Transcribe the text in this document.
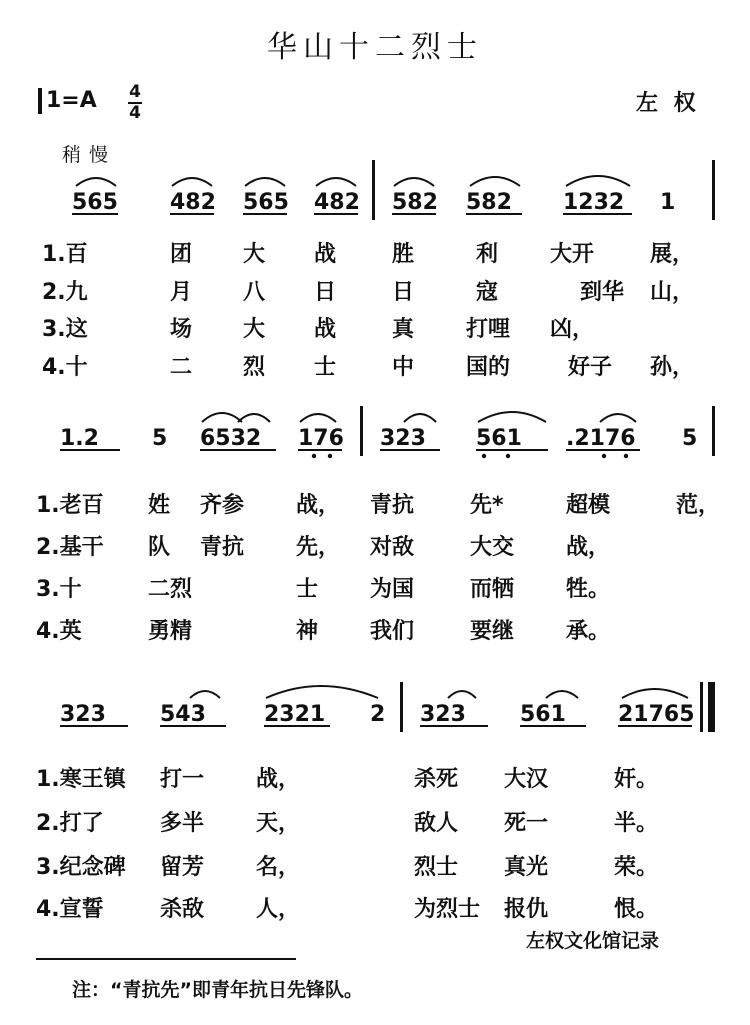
华山十二烈士
1=A 4
4	左 权
稍慢
565 482 565 482 582 582 1232 1
1.百	团 大 战	胜	利 大开	展，
2.九	月 八 日	日	寇	到华 山，
3.这	场 大 战	真 打哩 凶，
4.十	二 烈 士	中 国的	好子 孙，
1.2 5 6532 176 323 561 .2176 5
1.老百 姓 齐参 战， 青抗	先*	超模	范，
2.基干 队 青抗 先， 对敌	大交 战，
3.十	二烈	士 为国	而牺 牲。
4.英	勇精	神 我们	要继 承。
323 543	2321 2 323 561 21765
1.寒王镇 打一 战，	杀死 大汉	奸。
2.打了	多半 天，	敌人 死一	半。
3.纪念碑 留芳 名，	烈士 真光	荣。
4.宣誓	杀敌 人，	为烈士 报仇	恨。
左权文化馆记录
注：“青抗先”即青年抗日先锋队。
